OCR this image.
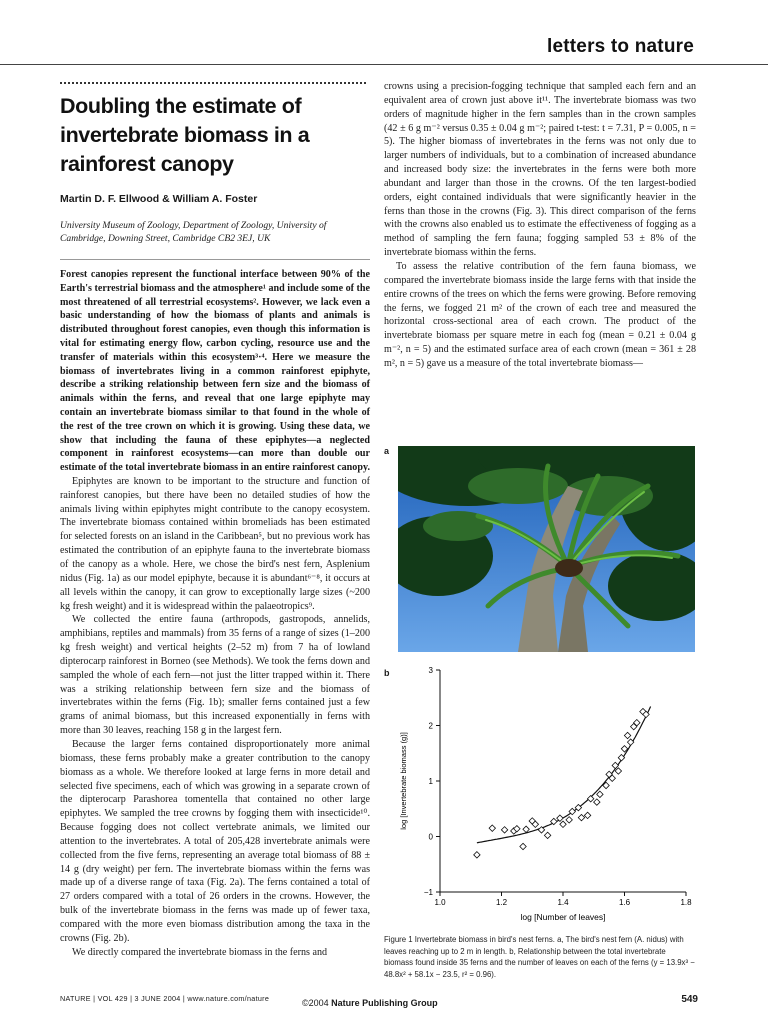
letters to nature
Doubling the estimate of invertebrate biomass in a rainforest canopy
Martin D. F. Ellwood & William A. Foster
University Museum of Zoology, Department of Zoology, University of Cambridge, Downing Street, Cambridge CB2 3EJ, UK
Forest canopies represent the functional interface between 90% of the Earth's terrestrial biomass and the atmosphere¹ and include some of the most threatened of all terrestrial ecosystems². However, we lack even a basic understanding of how the biomass of plants and animals is distributed throughout forest canopies, even though this information is vital for estimating energy flow, carbon cycling, resource use and the transfer of materials within this ecosystem³·⁴. Here we measure the biomass of invertebrates living in a common rainforest epiphyte, describe a striking relationship between fern size and the biomass of animals within the ferns, and reveal that one large epiphyte may contain an invertebrate biomass similar to that found in the whole of the rest of the tree crown on which it is growing. Using these data, we show that including the fauna of these epiphytes—a neglected component in rainforest ecosystems—can more than double our estimate of the total invertebrate biomass in an entire rainforest canopy.

Epiphytes are known to be important to the structure and function of rainforest canopies, but there have been no detailed studies of how the animals living within epiphytes might contribute to the canopy ecosystem. The invertebrate biomass contained within bromeliads has been estimated for selected forests on an island in the Caribbean⁵, but no previous work has estimated the contribution of an epiphyte fauna to the invertebrate biomass of the canopy as a whole. Here, we chose the bird's nest fern, Asplenium nidus (Fig. 1a) as our model epiphyte, because it is abundant⁶⁻⁸, it occurs at all levels within the canopy, it can grow to exceptionally large sizes (~200 kg fresh weight) and it is widespread within the palaeotropics⁹.

We collected the entire fauna (arthropods, gastropods, annelids, amphibians, reptiles and mammals) from 35 ferns of a range of sizes (1–200 kg fresh weight) and vertical heights (2–52 m) from 7 ha of lowland dipterocarp rainforest in Borneo (see Methods). We took the ferns down and sampled the whole of each fern—not just the litter trapped within it. There was a striking relationship between fern size and the biomass of invertebrates within the ferns (Fig. 1b); smaller ferns contained just a few grams of animal biomass, but this increased exponentially in ferns with more than 30 leaves, reaching 158 g in the largest fern.

Because the larger ferns contained disproportionately more animal biomass, these ferns probably make a greater contribution to the canopy biomass as a whole. We therefore looked at large ferns in more detail and selected five specimens, each of which was growing in a separate crown of the dipterocarp Parashorea tomentella that contained no other large epiphytes. We sampled the tree crowns by fogging them with insecticide¹⁰. Because fogging does not collect vertebrate animals, we limited our attention to the invertebrates. A total of 205,428 invertebrate animals were collected from the five ferns, representing an average total biomass of 88 ± 14 g (dry weight) per fern. The invertebrate biomass within the ferns was made up of a diverse range of taxa (Fig. 2a). The ferns contained a total of 27 orders compared with a total of 26 orders in the crowns. However, the bulk of the invertebrate biomass in the ferns was made up of fewer taxa, compared with the more even biomass distribution among the taxa in the crowns (Fig. 2b).

We directly compared the invertebrate biomass in the ferns and

crowns using a precision-fogging technique that sampled each fern and an equivalent area of crown just above it¹¹. The invertebrate biomass was two orders of magnitude higher in the fern samples than in the crown samples (42 ± 6 g m⁻² versus 0.35 ± 0.04 g m⁻²; paired t-test: t = 7.31, P = 0.005, n = 5). The higher biomass of invertebrates in the ferns was not only due to larger numbers of individuals, but to a combination of increased abundance and increased body size: the invertebrates in the ferns were both more abundant and larger than those in the crowns. Of the ten largest-bodied orders, eight contained individuals that were significantly heavier in the ferns than those in the crowns (Fig. 3). This direct comparison of the ferns with the crowns also enabled us to estimate the effectiveness of fogging as a method of sampling the fern fauna; fogging sampled 53 ± 8% of the invertebrate biomass within the ferns.

To assess the relative contribution of the fern fauna biomass, we compared the invertebrate biomass inside the large ferns with that inside the entire crowns of the trees on which the ferns were growing. Before removing the ferns, we fogged 21 m² of the crown of each tree and measured the horizontal cross-sectional area of each crown. The product of the invertebrate biomass per square metre in each fog (mean = 0.21 ± 0.04 g m⁻², n = 5) and the estimated surface area of each crown (mean = 361 ± 28 m², n = 5) gave us a measure of the total invertebrate biomass—

a
b
1.0	1.2	1.4	1.6	1.8
−1
0
1
2
3
log [Number of leaves]
log [Invertebrate biomass (g)]
Figure 1 Invertebrate biomass in bird's nest ferns. a, The bird's nest fern (A. nidus) with leaves reaching up to 2 m in length. b, Relationship between the total invertebrate biomass found inside 35 ferns and the number of leaves on each of the ferns (y = 13.9x³ − 48.8x² + 58.1x − 23.5, r² = 0.96).
NATURE | VOL 429 | 3 JUNE 2004 | www.nature.com/nature	©2004 Nature Publishing Group	549
